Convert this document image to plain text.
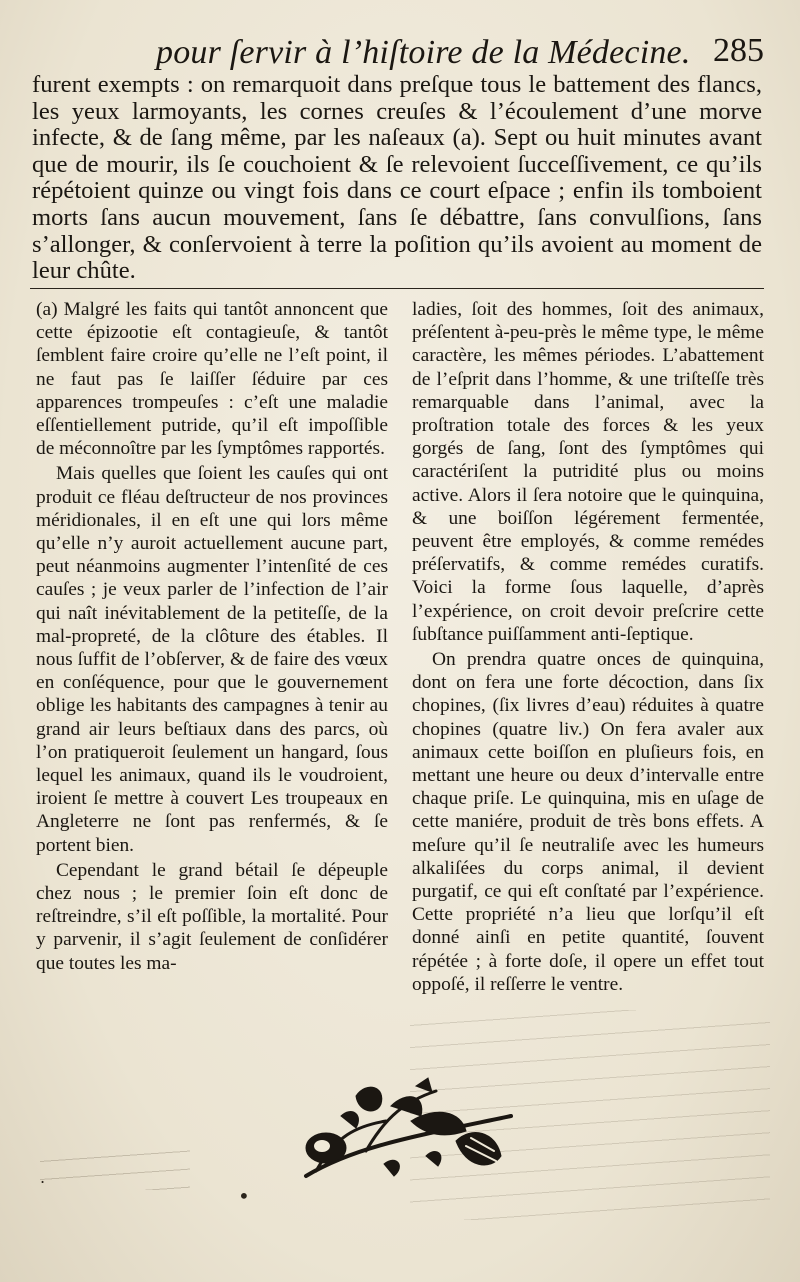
pour ſervir à l’hiſtoire de la Médecine. 285

furent exempts : on remarquoit dans preſque tous le battement des flancs, les yeux larmoyants, les cornes creuſes & l’écoulement d’une morve infecte, & de ſang même, par les naſeaux (a). Sept ou huit minutes avant que de mourir, ils ſe couchoient & ſe relevoient ſucceſſivement, ce qu’ils répétoient quinze ou vingt fois dans ce court eſpace ; enfin ils tomboient morts ſans aucun mouvement, ſans ſe débattre, ſans convulſions, ſans s’allonger, & conſervoient à terre la poſition qu’ils avoient au moment de leur chûte.

(a) Malgré les faits qui tantôt annoncent que cette épizootie eſt contagieuſe, & tantôt ſemblent faire croire qu’elle ne l’eſt point, il ne faut pas ſe laiſſer ſéduire par ces apparences trompeuſes : c’eſt une maladie eſſentiellement putride, qu’il eſt impoſſible de méconnoître par les ſymptômes rapportés.

Mais quelles que ſoient les cauſes qui ont produit ce fléau deſtructeur de nos provinces méridionales, il en eſt une qui lors même qu’elle n’y auroit actuellement aucune part, peut néanmoins augmenter l’intenſité de ces cauſes ; je veux parler de l’infection de l’air qui naît inévitablement de la petiteſſe, de la mal-propreté, de la clôture des étables. Il nous ſuffit de l’obſerver, & de faire des vœux en conſéquence, pour que le gouvernement oblige les habitants des campagnes à tenir au grand air leurs beſtiaux dans des parcs, où l’on pratiqueroit ſeulement un hangard, ſous lequel les animaux, quand ils le voudroient, iroient ſe mettre à couvert Les troupeaux en Angleterre ne ſont pas renfermés, & ſe portent bien.

Cependant le grand bétail ſe dépeuple chez nous ; le premier ſoin eſt donc de reſtreindre, s’il eſt poſſible, la mortalité. Pour y parvenir, il s’agit ſeulement de conſidérer que toutes les ma-

ladies, ſoit des hommes, ſoit des animaux, préſentent à-peu-près le même type, le même caractère, les mêmes périodes. L’abattement de l’eſprit dans l’homme, & une triſteſſe très remarquable dans l’animal, avec la proſtration totale des forces & les yeux gorgés de ſang, ſont des ſymptômes qui caractériſent la putridité plus ou moins active. Alors il ſera notoire que le quinquina, & une boiſſon légérement fermentée, peuvent être employés, & comme remédes préſervatifs, & comme remédes curatifs. Voici la forme ſous laquelle, d’après l’expérience, on croit devoir preſcrire cette ſubſtance puiſſamment anti-ſeptique.

On prendra quatre onces de quinquina, dont on fera une forte décoction, dans ſix chopines, (ſix livres d’eau) réduites à quatre chopines (quatre liv.) On fera avaler aux animaux cette boiſſon en pluſieurs fois, en mettant une heure ou deux d’intervalle entre chaque priſe. Le quinquina, mis en uſage de cette maniére, produit de très bons effets. A meſure qu’il ſe neutraliſe avec les humeurs alkaliſées du corps animal, il devient purgatif, ce qui eſt conſtaté par l’expérience. Cette propriété n’a lieu que lorſqu’il eſt donné ainſi en petite quantité, ſouvent répétée ; à forte doſe, il opere un effet tout oppoſé, il reſſerre le ventre.

•
.
